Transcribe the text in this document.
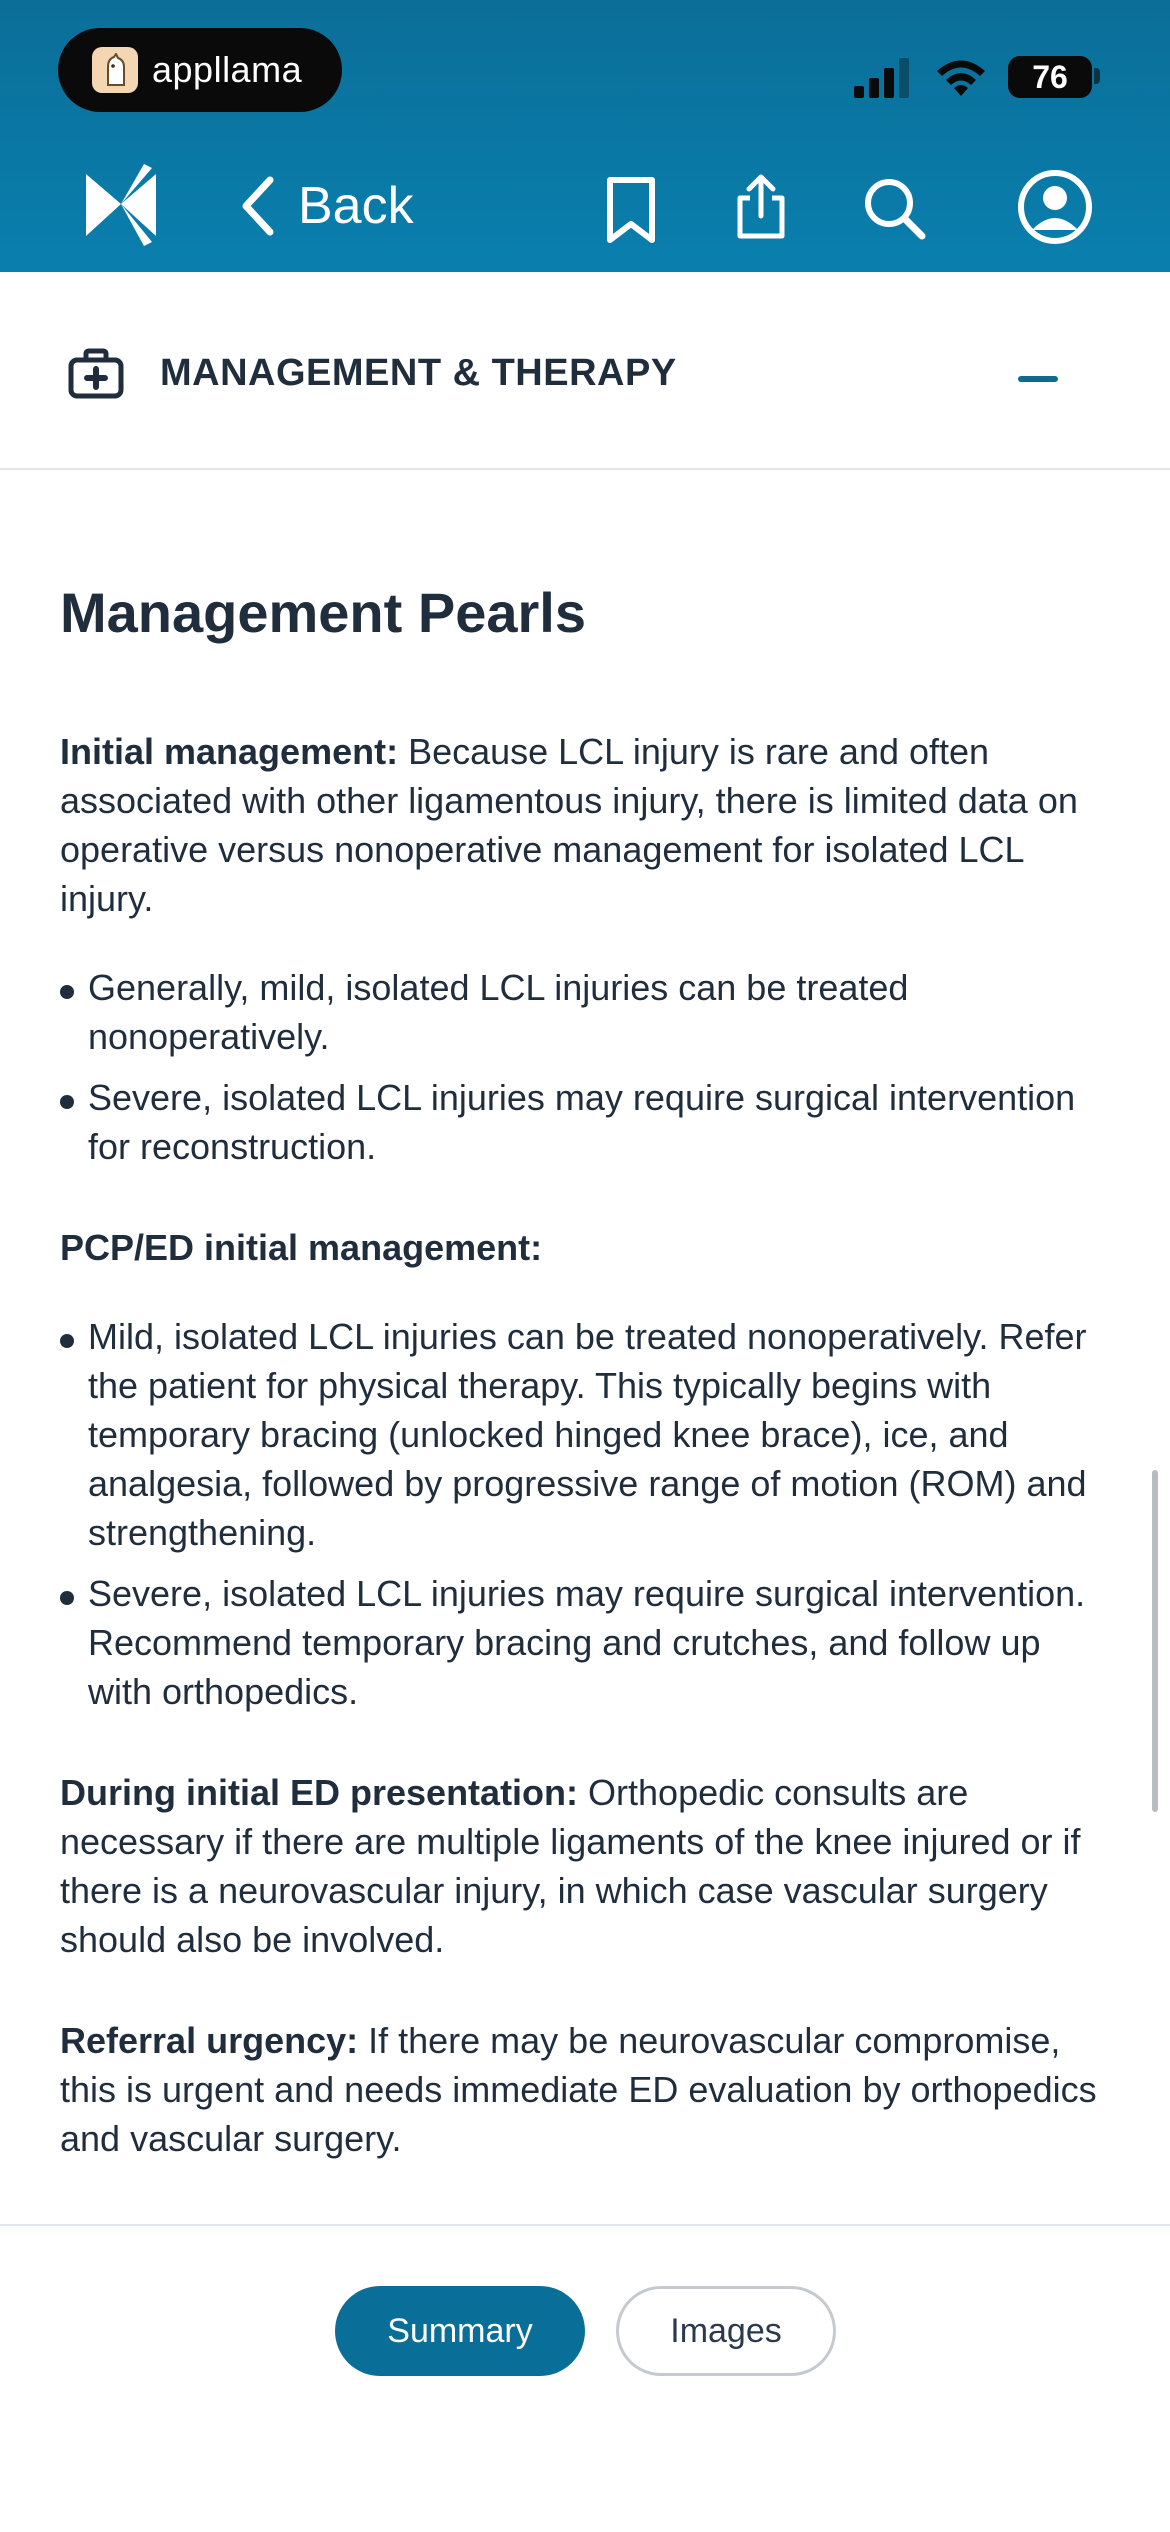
appllama	76
Back
MANAGEMENT & THERAPY
Management Pearls

Initial management: Because LCL injury is rare and often associated with other ligamentous injury, there is limited data on operative versus nonoperative management for isolated LCL injury.

Generally, mild, isolated LCL injuries can be treated nonoperatively.
Severe, isolated LCL injuries may require surgical intervention for reconstruction.

PCP/ED initial management:

Mild, isolated LCL injuries can be treated nonoperatively. Refer the patient for physical therapy. This typically begins with temporary bracing (unlocked hinged knee brace), ice, and analgesia, followed by progressive range of motion (ROM) and strengthening.
Severe, isolated LCL injuries may require surgical intervention. Recommend temporary bracing and crutches, and follow up with orthopedics.

During initial ED presentation: Orthopedic consults are necessary if there are multiple ligaments of the knee injured or if there is a neurovascular injury, in which case vascular surgery should also be involved.

Referral urgency: If there may be neurovascular compromise, this is urgent and needs immediate ED evaluation by orthopedics and vascular surgery.

Summary	Images
